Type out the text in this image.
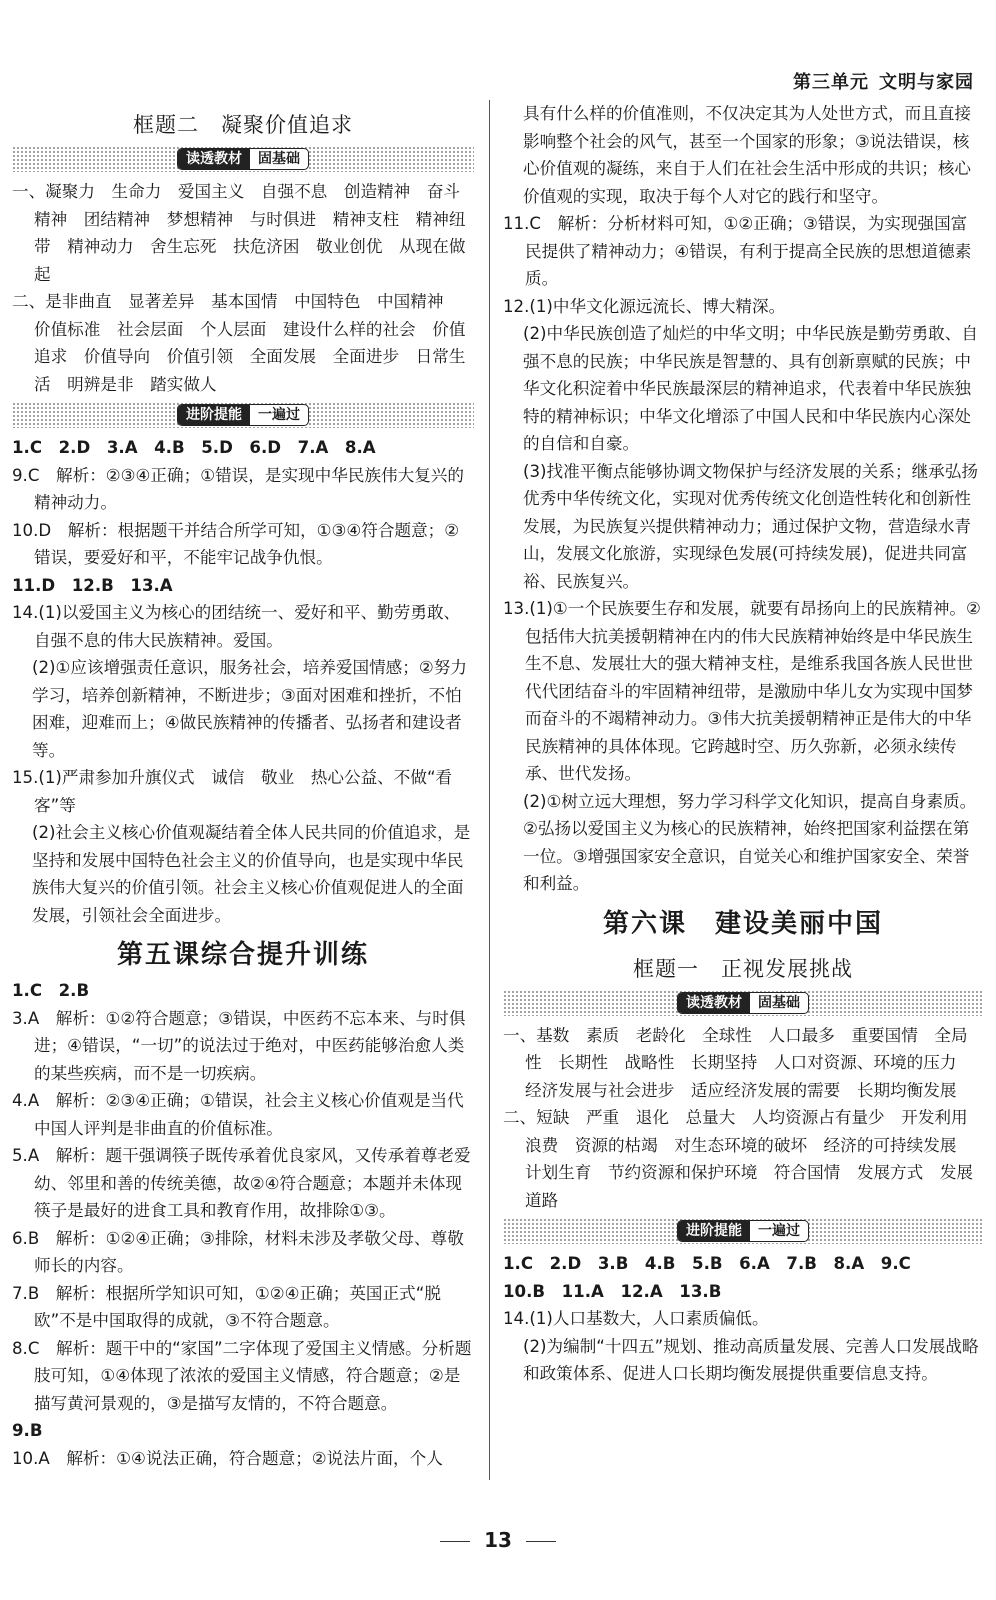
第三单元 文明与家园
框题二　凝聚价值追求
读透教材	固基础

一、凝聚力　生命力　爱国主义　自强不息　创造精神　奋斗精神　团结精神　梦想精神　与时俱进　精神支柱　精神纽带　精神动力　舍生忘死　扶危济困　敬业创优　从现在做起

二、是非曲直　显著差异　基本国情　中国特色　中国精神　价值标准　社会层面　个人层面　建设什么样的社会　价值追求　价值导向　价值引领　全面发展　全面进步　日常生活　明辨是非　踏实做人

进阶提能	一遍过

1.C　2.D　3.A　4.B　5.D　6.D　7.A　8.A

9.C　解析：②③④正确；①错误，是实现中华民族伟大复兴的精神动力。

10.D　解析：根据题干并结合所学可知，①③④符合题意；②错误，要爱好和平，不能牢记战争仇恨。

11.D　12.B　13.A

14.(1)以爱国主义为核心的团结统一、爱好和平、勤劳勇敢、自强不息的伟大民族精神。爱国。

(2)①应该增强责任意识，服务社会，培养爱国情感；②努力学习，培养创新精神，不断进步；③面对困难和挫折，不怕困难，迎难而上；④做民族精神的传播者、弘扬者和建设者等。

15.(1)严肃参加升旗仪式　诚信　敬业　热心公益、不做“看客”等

(2)社会主义核心价值观凝结着全体人民共同的价值追求，是坚持和发展中国特色社会主义的价值导向，也是实现中华民族伟大复兴的价值引领。社会主义核心价值观促进人的全面发展，引领社会全面进步。

第五课综合提升训练

1.C　2.B

3.A　解析：①②符合题意；③错误，中医药不忘本来、与时俱进；④错误，“一切”的说法过于绝对，中医药能够治愈人类的某些疾病，而不是一切疾病。

4.A　解析：②③④正确；①错误，社会主义核心价值观是当代中国人评判是非曲直的价值标准。

5.A　解析：题干强调筷子既传承着优良家风，又传承着尊老爱幼、邻里和善的传统美德，故②④符合题意；本题并未体现筷子是最好的进食工具和教育作用，故排除①③。

6.B　解析：①②④正确；③排除，材料未涉及孝敬父母、尊敬师长的内容。

7.B　解析：根据所学知识可知，①②④正确；英国正式“脱欧”不是中国取得的成就，③不符合题意。

8.C　解析：题干中的“家国”二字体现了爱国主义情感。分析题肢可知，①④体现了浓浓的爱国主义情感，符合题意；②是描写黄河景观的，③是描写友情的，不符合题意。

9.B

10.A　解析：①④说法正确，符合题意；②说法片面，个人

具有什么样的价值准则，不仅决定其为人处世方式，而且直接影响整个社会的风气，甚至一个国家的形象；③说法错误，核心价值观的凝练，来自于人们在社会生活中形成的共识；核心价值观的实现，取决于每个人对它的践行和坚守。

11.C　解析：分析材料可知，①②正确；③错误，为实现强国富民提供了精神动力；④错误，有利于提高全民族的思想道德素质。

12.(1)中华文化源远流长、博大精深。

(2)中华民族创造了灿烂的中华文明；中华民族是勤劳勇敢、自强不息的民族；中华民族是智慧的、具有创新禀赋的民族；中华文化积淀着中华民族最深层的精神追求，代表着中华民族独特的精神标识；中华文化增添了中国人民和中华民族内心深处的自信和自豪。

(3)找准平衡点能够协调文物保护与经济发展的关系；继承弘扬优秀中华传统文化，实现对优秀传统文化创造性转化和创新性发展，为民族复兴提供精神动力；通过保护文物，营造绿水青山，发展文化旅游，实现绿色发展(可持续发展)，促进共同富裕、民族复兴。

13.(1)①一个民族要生存和发展，就要有昂扬向上的民族精神。②包括伟大抗美援朝精神在内的伟大民族精神始终是中华民族生生不息、发展壮大的强大精神支柱，是维系我国各族人民世世代代团结奋斗的牢固精神纽带，是激励中华儿女为实现中国梦而奋斗的不竭精神动力。③伟大抗美援朝精神正是伟大的中华民族精神的具体体现。它跨越时空、历久弥新，必须永续传承、世代发扬。

(2)①树立远大理想，努力学习科学文化知识，提高自身素质。②弘扬以爱国主义为核心的民族精神，始终把国家利益摆在第一位。③增强国家安全意识，自觉关心和维护国家安全、荣誉和利益。

第六课　建设美丽中国
框题一　正视发展挑战
读透教材	固基础

一、基数　素质　老龄化　全球性　人口最多　重要国情　全局性　长期性　战略性　长期坚持　人口对资源、环境的压力　经济发展与社会进步　适应经济发展的需要　长期均衡发展

二、短缺　严重　退化　总量大　人均资源占有量少　开发利用　浪费　资源的枯竭　对生态环境的破坏　经济的可持续发展　计划生育　节约资源和保护环境　符合国情　发展方式　发展道路

进阶提能	一遍过

1.C　2.D　3.B　4.B　5.B　6.A　7.B　8.A　9.C

10.B　11.A　12.A　13.B

14.(1)人口基数大，人口素质偏低。

(2)为编制“十四五”规划、推动高质量发展、完善人口发展战略和政策体系、促进人口长期均衡发展提供重要信息支持。

13
